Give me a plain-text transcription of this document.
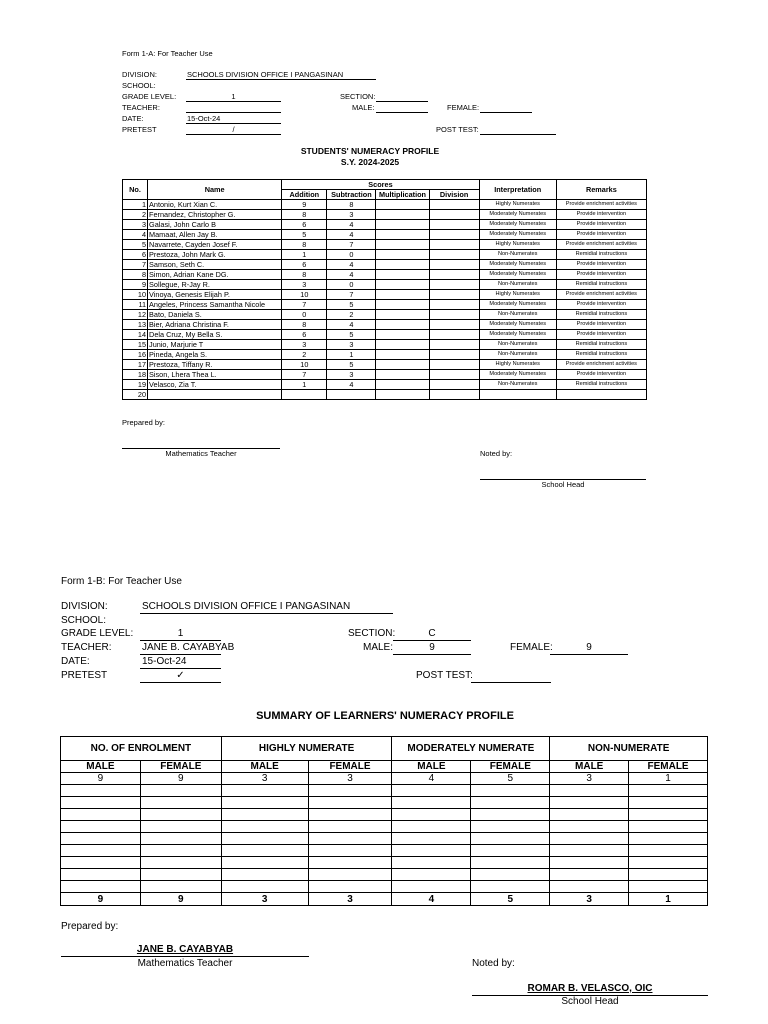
Form 1-A: For Teacher Use
DIVISION:	SCHOOLS DIVISION OFFICE I PANGASINAN
SCHOOL:
GRADE LEVEL:	1	SECTION:
TEACHER:	MALE:	FEMALE:
DATE:	15-Oct-24
PRETEST	/	POST TEST:
STUDENTS' NUMERACY PROFILE
S.Y. 2024-2025
No.	Name	Scores				Interpretation	Remarks
		Addition	Subtraction	Multiplication	Division		
1	Antonio, Kurt Xian C.	9	8			Highly Numerates	Provide enrichment activities
2	Fernandez, Christopher G.	8	3			Moderately Numerates	Provide intervention
3	Galasi, John Carlo B	6	4			Moderately Numerates	Provide intervention
4	Mamaat, Allen Jay B.	5	4			Moderately Numerates	Provide intervention
5	Navarrete, Cayden Josef F.	8	7			Highly Numerates	Provide enrichment activities
6	Prestoza, John Mark G.	1	0			Non-Numerates	Remidial instructions
7	Samson, Seth C.	6	4			Moderately Numerates	Provide intervention
8	Simon, Adrian Kane DG.	8	4			Moderately Numerates	Provide intervention
9	Sollegue, R-Jay R.	3	0			Non-Numerates	Remidial instructions
10	Vinoya, Genesis Elijah P.	10	7			Highly Numerates	Provide enrichment activities
11	Angeles, Princess Samantha Nicole	7	5			Moderately Numerates	Provide intervention
12	Bato, Daniela S.	0	2			Non-Numerates	Remidial instructions
13	Bier, Adriana Christina F.	8	4			Moderately Numerates	Provide intervention
14	Dela Cruz, My Bella S.	6	5			Moderately Numerates	Provide intervention
15	Junio, Marjurie T	3	3			Non-Numerates	Remidial instructions
16	Pineda, Angela S.	2	1			Non-Numerates	Remidial instructions
17	Prestoza, Tiffany R.	10	5			Highly Numerates	Provide enrichment activities
18	Sison, Lhera Thea L.	7	3			Moderately Numerates	Provide intervention
19	Velasco, Zia T.	1	4			Non-Numerates	Remidial instructions
20							
Prepared by:
Mathematics Teacher	Noted by:
School Head
Form 1-B: For Teacher Use
DIVISION:	SCHOOLS DIVISION OFFICE I PANGASINAN
SCHOOL:
GRADE LEVEL:	1	SECTION:	C
TEACHER:	JANE B. CAYABYAB	MALE:	9	FEMALE:	9
DATE:	15-Oct-24
PRETEST	✓	POST TEST:
SUMMARY OF LEARNERS' NUMERACY PROFILE
NO. OF ENROLMENT		HIGHLY NUMERATE		MODERATELY NUMERATE		NON-NUMERATE	
MALE	FEMALE	MALE	FEMALE	MALE	FEMALE	MALE	FEMALE
9	9	3	3	4	5	3	1

9	9	3	3	4	5	3	1
Prepared by:
JANE B. CAYABYAB
Mathematics Teacher	Noted by:
ROMAR B. VELASCO, OIC
School Head
